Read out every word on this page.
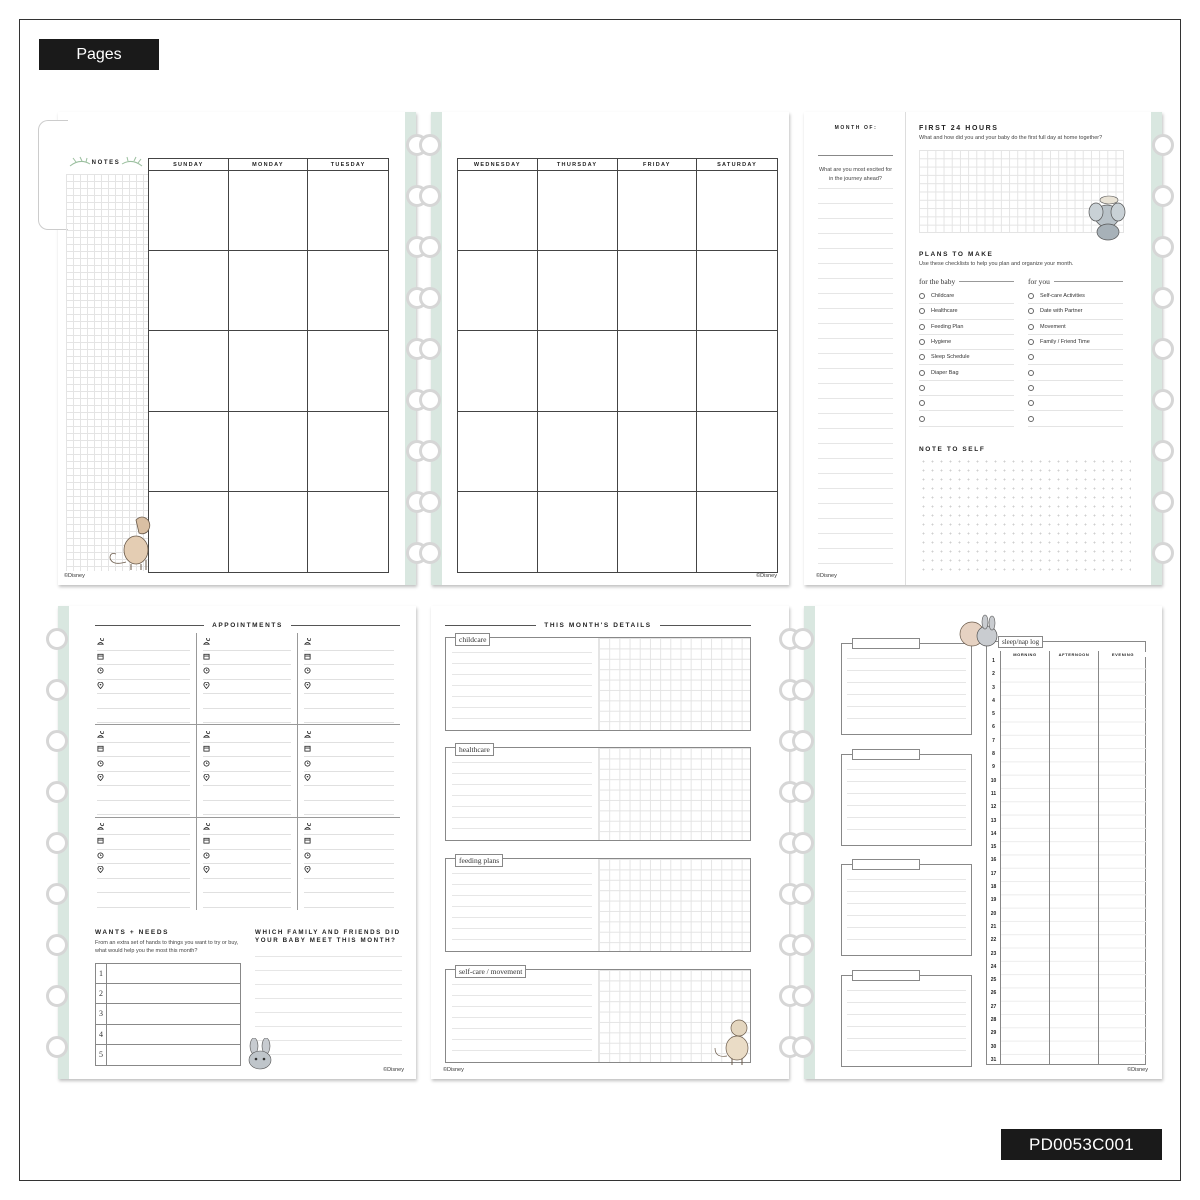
Pages
PD0053C001
NOTES	SUNDAY	MONDAY	TUESDAY
©Disney
WEDNESDAY	THURSDAY	FRIDAY	SATURDAY
©Disney
MONTH OF:
What are you most excited for in the journey ahead?
©Disney
FIRST 24 HOURS
What and how did you and your baby do the first full day at home together?
PLANS TO MAKE
Use these checklists to help you plan and organize your month.
for the baby	for you
Childcare
Healthcare
Feeding Plan
Hygiene
Sleep Schedule
Diaper Bag
Self-care Activities
Date with Partner
Movement
Family / Friend Time
NOTE TO SELF
APPOINTMENTS
WANTS + NEEDS
From an extra set of hands to things you want to try or buy, what would help you the most this month?
1
2
3
4
5
WHICH FAMILY AND FRIENDS DID YOUR BABY MEET THIS MONTH?
©Disney
THIS MONTH'S DETAILS
childcare
healthcare
feeding plans
self-care / movement
©Disney
sleep/nap log
MORNING	AFTERNOON	EVENING
1
2
3
4
5
6
7
8
9
10
11
12
13
14
15
16
17
18
19
20
21
22
23
24
25
26
27
28
29
30
31
©Disney
